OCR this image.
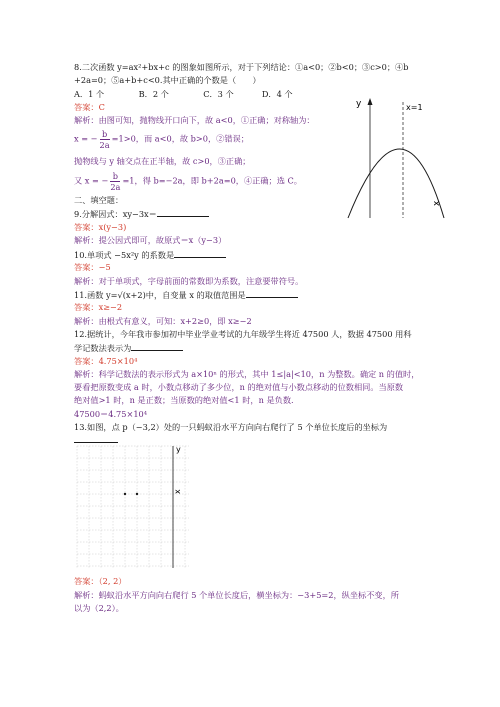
8.二次函数 y=ax²+bx+c 的图象如图所示，对于下列结论：①a<0；②b<0；③c>0；④b
+2a=0；⑤a+b+c<0.其中正确的个数是（　　）
A．1 个	B．2 个	C．3 个	D．4 个
答案：C
解析：由图可知，抛物线开口向下，故 a<0，①正确；对称轴为：
x = − $\frac{b}{2a} =1>0$，而 a<0，故 b>0，②错误；
抛物线与 y 轴交点在正半轴，故 c>0，③正确；
又 x = − $\frac{b}{2a} =1$，得 b=−2a，即 b+2a=0，④正确；选 C。
y	x=1
x
二、填空题：
9.分解因式：xy−3x＝
答案：x(y−3)
解析：提公因式即可，故原式＝x（y−3）
10.单项式 −5x²y 的系数是
答案：−5
解析：对于单项式，字母前面的常数即为系数，注意要带符号。
11.函数 y=√(x+2)中，自变量 x 的取值范围是
答案：x≥−2
解析：由根式有意义，可知：x+2≥0，即 x≥−2
12.据统计，今年我市参加初中毕业学业考试的九年级学生将近 47500 人，数据 47500 用科
学记数法表示为
答案：4.75×10⁴
解析：科学记数法的表示形式为 a×10ⁿ 的形式，其中 1≤|a|<10，n 为整数。确定 n 的值时，
要看把原数变成 a 时，小数点移动了多少位，n 的绝对值与小数点移动的位数相同。当原数
绝对值>1 时，n 是正数；当原数的绝对值<1 时，n 是负数.
47500＝4.75×10⁴
13.如图，点 p（−3,2）处的一只蚂蚁沿水平方向向右爬行了 5 个单位长度后的坐标为
y
x
答案：（2, 2）
解析：蚂蚁沿水平方向向右爬行 5 个单位长度后，横坐标为：−3+5=2，纵坐标不变，所
以为（2,2）。
